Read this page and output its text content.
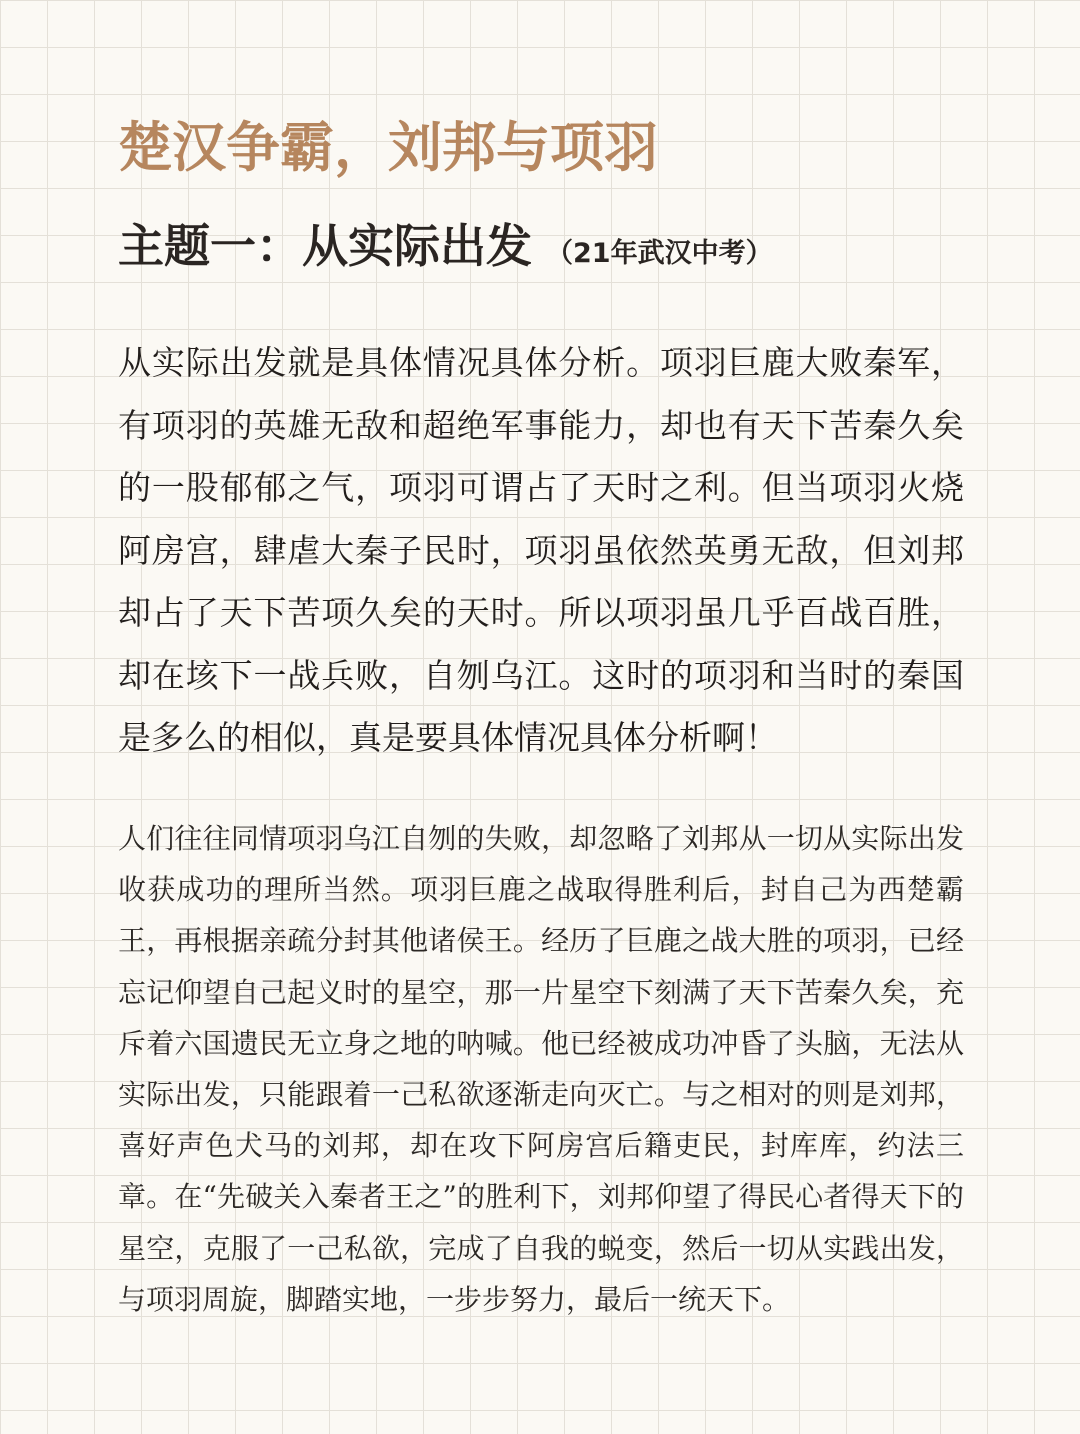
楚汉争霸，刘邦与项羽
主题一：从实际出发 （21年武汉中考）

从实际出发就是具体情况具体分析。项羽巨鹿大败秦军，有项羽的英雄无敌和超绝军事能力，却也有天下苦秦久矣的一股郁郁之气，项羽可谓占了天时之利。但当项羽火烧阿房宫，肆虐大秦子民时，项羽虽依然英勇无敌，但刘邦却占了天下苦项久矣的天时。所以项羽虽几乎百战百胜，却在垓下一战兵败，自刎乌江。这时的项羽和当时的秦国是多么的相似，真是要具体情况具体分析啊！

人们往往同情项羽乌江自刎的失败，却忽略了刘邦从一切从实际出发收获成功的理所当然。项羽巨鹿之战取得胜利后，封自己为西楚霸王，再根据亲疏分封其他诸侯王。经历了巨鹿之战大胜的项羽，已经忘记仰望自己起义时的星空，那一片星空下刻满了天下苦秦久矣，充斥着六国遗民无立身之地的呐喊。他已经被成功冲昏了头脑，无法从实际出发，只能跟着一己私欲逐渐走向灭亡。与之相对的则是刘邦，喜好声色犬马的刘邦，却在攻下阿房宫后籍吏民，封库库，约法三章。在“先破关入秦者王之”的胜利下，刘邦仰望了得民心者得天下的星空，克服了一己私欲，完成了自我的蜕变，然后一切从实践出发，与项羽周旋，脚踏实地，一步步努力，最后一统天下。
